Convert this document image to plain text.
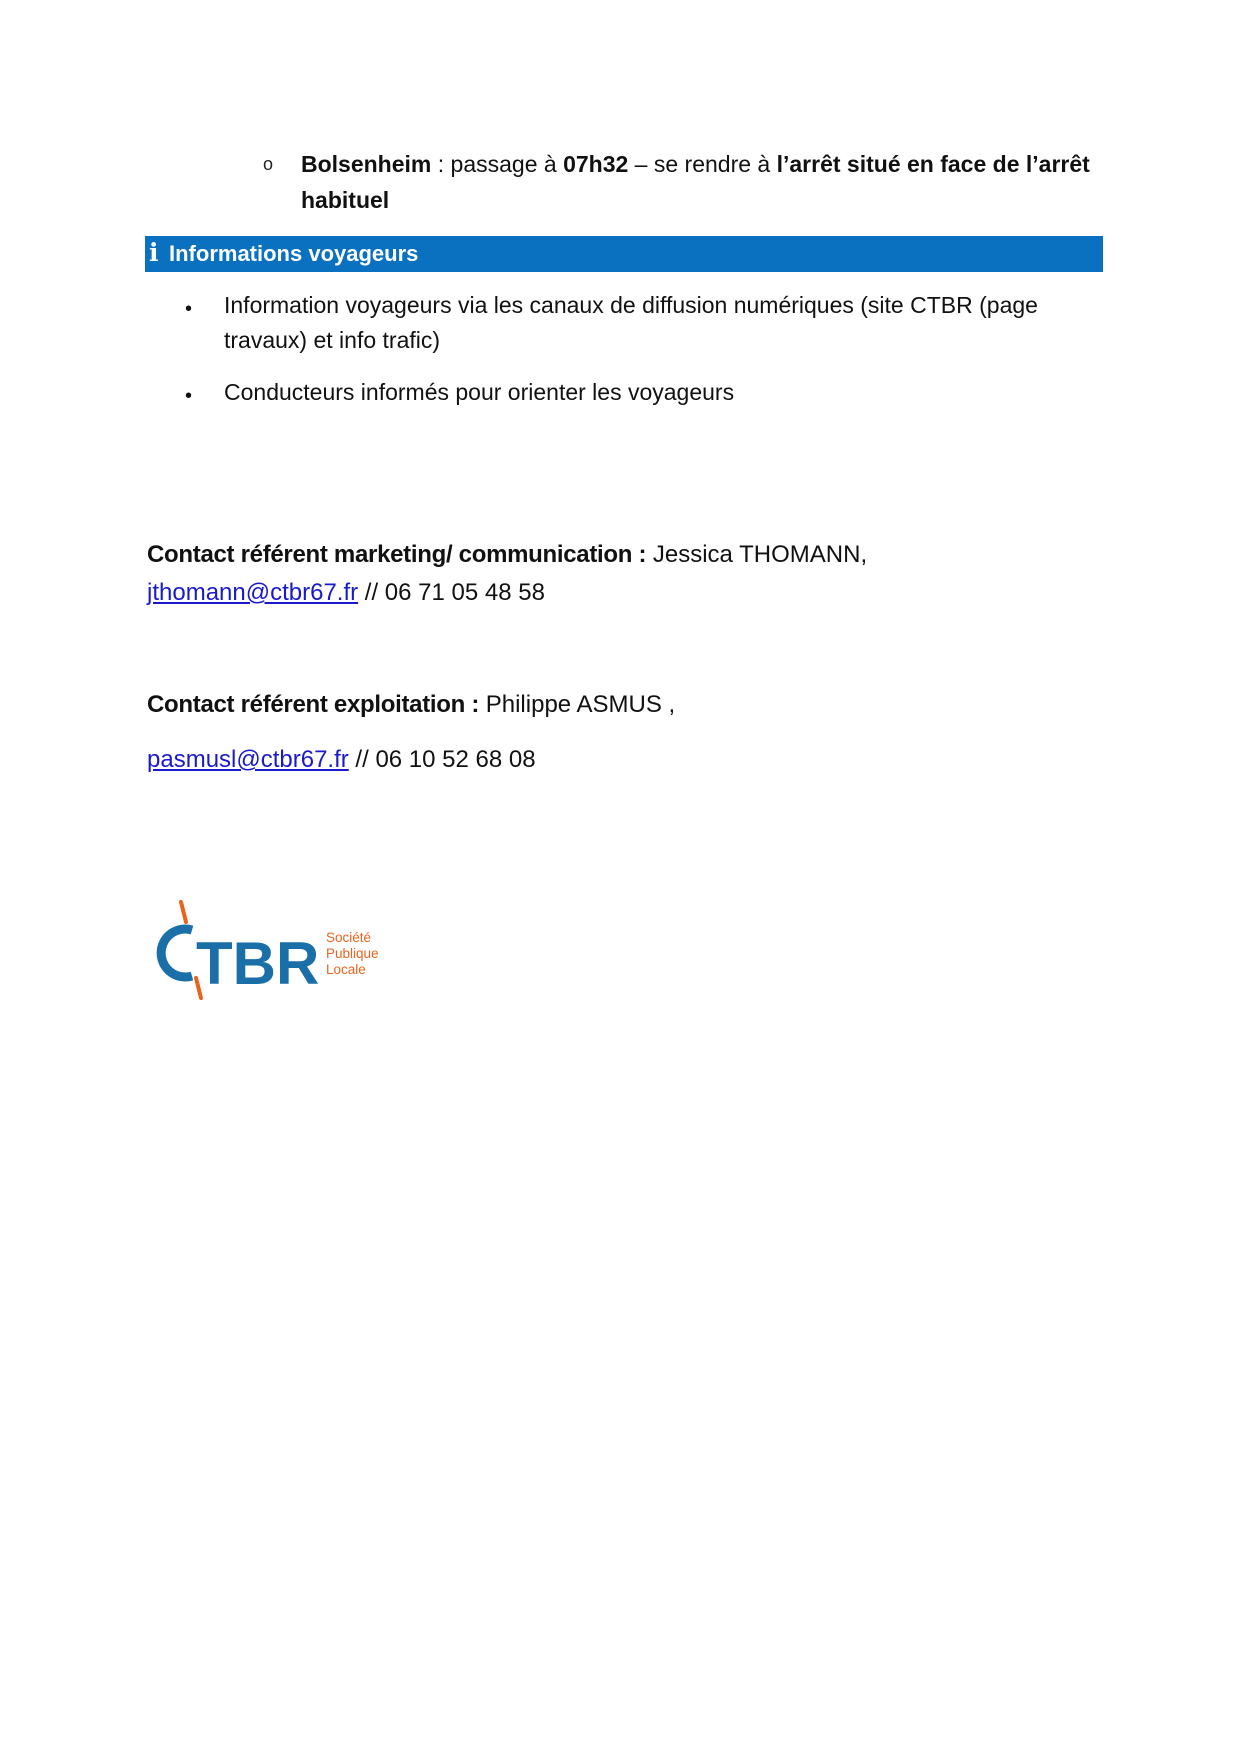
o Bolsenheim : passage à 07h32 – se rendre à l’arrêt situé en face de l’arrêt habituel
i Informations voyageurs
• Information voyageurs via les canaux de diffusion numériques (site CTBR (page travaux) et info trafic)
• Conducteurs informés pour orienter les voyageurs
Contact référent marketing/ communication : Jessica THOMANN,
jthomann@ctbr67.fr // 06 71 05 48 58
Contact référent exploitation : Philippe ASMUS ,
pasmusl@ctbr67.fr // 06 10 52 68 08
TBR Société
Publique
Locale
